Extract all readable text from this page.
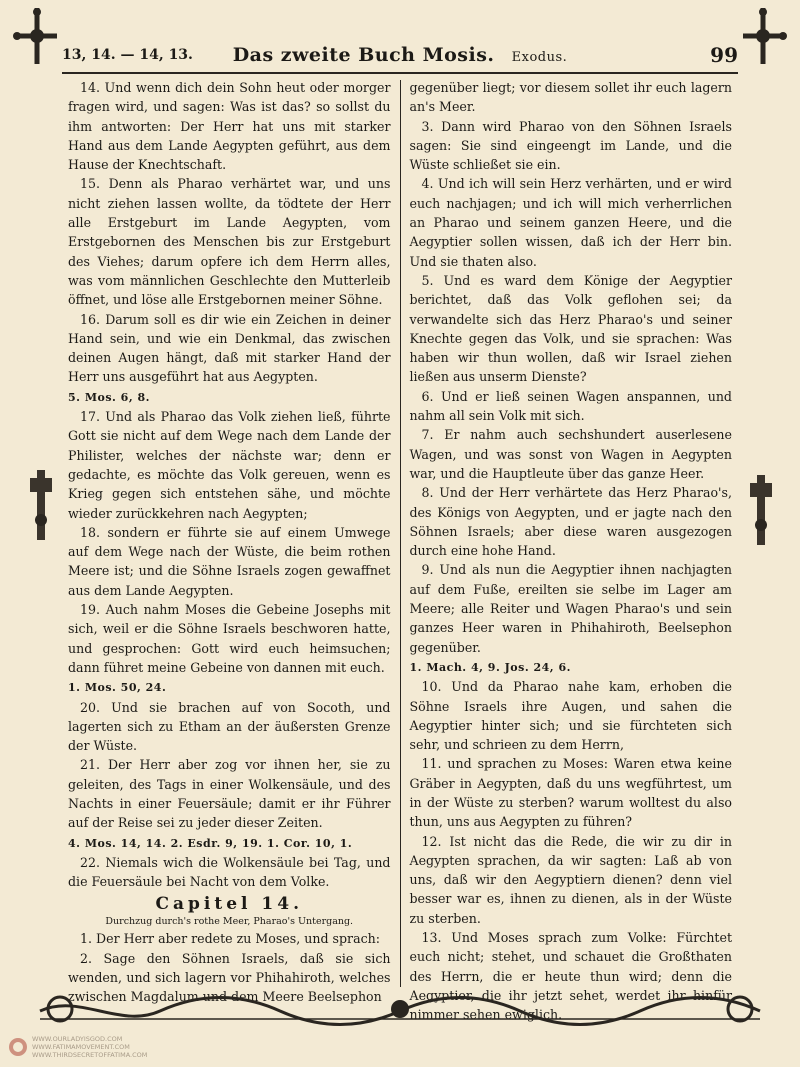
13, 14. — 14, 13.	Das zweite Buch Mosis. Exodus.	99

14. Und wenn dich dein Sohn heut oder morger fragen wird, und sagen: Was ist das? so sollst du ihm antworten: Der Herr hat uns mit starker Hand aus dem Lande Aegypten geführt, aus dem Hause der Knechtschaft.

15. Denn als Pharao verhärtet war, und uns nicht ziehen lassen wollte, da tödtete der Herr alle Erstgeburt im Lande Aegypten, vom Erstgebornen des Menschen bis zur Erstgeburt des Viehes; darum opfere ich dem Herrn alles, was vom männlichen Geschlechte den Mutterleib öffnet, und löse alle Erstgebornen meiner Söhne.

16. Darum soll es dir wie ein Zeichen in deiner Hand sein, und wie ein Denkmal, das zwischen deinen Augen hängt, daß mit starker Hand der Herr uns ausgeführt hat aus Aegypten.
5. Mos. 6, 8.

17. Und als Pharao das Volk ziehen ließ, führte Gott sie nicht auf dem Wege nach dem Lande der Philister, welches der nächste war; denn er gedachte, es möchte das Volk gereuen, wenn es Krieg gegen sich entstehen sähe, und möchte wieder zurückkehren nach Aegypten;

18. sondern er führte sie auf einem Umwege auf dem Wege nach der Wüste, die beim rothen Meere ist; und die Söhne Israels zogen gewaffnet aus dem Lande Aegypten.

19. Auch nahm Moses die Gebeine Josephs mit sich, weil er die Söhne Israels beschworen hatte, und gesprochen: Gott wird euch heimsuchen; dann führet meine Gebeine von dannen mit euch.
1. Mos. 50, 24.

20. Und sie brachen auf von Socoth, und lagerten sich zu Etham an der äußersten Grenze der Wüste.

21. Der Herr aber zog vor ihnen her, sie zu geleiten, des Tags in einer Wolkensäule, und des Nachts in einer Feuersäule; damit er ihr Führer auf der Reise sei zu jeder dieser Zeiten.
4. Mos. 14, 14. 2. Esdr. 9, 19. 1. Cor. 10, 1.

22. Niemals wich die Wolkensäule bei Tag, und die Feuersäule bei Nacht von dem Volke.

Capitel 14.

Durchzug durch's rothe Meer, Pharao's Untergang.

1. Der Herr aber redete zu Moses, und sprach:

2. Sage den Söhnen Israels, daß sie sich wenden, und sich lagern vor Phihahiroth, welches zwischen Magdalum und dem Meere Beelsephon

gegenüber liegt; vor diesem sollet ihr euch lagern an's Meer.

3. Dann wird Pharao von den Söhnen Israels sagen: Sie sind eingeengt im Lande, und die Wüste schließet sie ein.

4. Und ich will sein Herz verhärten, und er wird euch nachjagen; und ich will mich verherrlichen an Pharao und seinem ganzen Heere, und die Aegyptier sollen wissen, daß ich der Herr bin. Und sie thaten also.

5. Und es ward dem Könige der Aegyptier berichtet, daß das Volk geflohen sei; da verwandelte sich das Herz Pharao's und seiner Knechte gegen das Volk, und sie sprachen: Was haben wir thun wollen, daß wir Israel ziehen ließen aus unserm Dienste?

6. Und er ließ seinen Wagen anspannen, und nahm all sein Volk mit sich.

7. Er nahm auch sechshundert auserlesene Wagen, und was sonst von Wagen in Aegypten war, und die Hauptleute über das ganze Heer.

8. Und der Herr verhärtete das Herz Pharao's, des Königs von Aegypten, und er jagte nach den Söhnen Israels; aber diese waren ausgezogen durch eine hohe Hand.

9. Und als nun die Aegyptier ihnen nachjagten auf dem Fuße, ereilten sie selbe im Lager am Meere; alle Reiter und Wagen Pharao's und sein ganzes Heer waren in Phihahiroth, Beelsephon gegenüber.
1. Mach. 4, 9. Jos. 24, 6.

10. Und da Pharao nahe kam, erhoben die Söhne Israels ihre Augen, und sahen die Aegyptier hinter sich; und sie fürchteten sich sehr, und schrieen zu dem Herrn,

11. und sprachen zu Moses: Waren etwa keine Gräber in Aegypten, daß du uns wegführtest, um in der Wüste zu sterben? warum wolltest du also thun, uns aus Aegypten zu führen?

12. Ist nicht das die Rede, die wir zu dir in Aegypten sprachen, da wir sagten: Laß ab von uns, daß wir den Aegyptiern dienen? denn viel besser war es, ihnen zu dienen, als in der Wüste zu sterben.

13. Und Moses sprach zum Volke: Fürchtet euch nicht; stehet, und schauet die Großthaten des Herrn, die er heute thun wird; denn die Aegyptier, die ihr jetzt sehet, werdet ihr hinfür nimmer sehen ewiglich.

WWW.OURLADYISGOD.COM
WWW.FATIMAMOVEMENT.COM
WWW.THIRDSECRETOFFATIMA.COM
